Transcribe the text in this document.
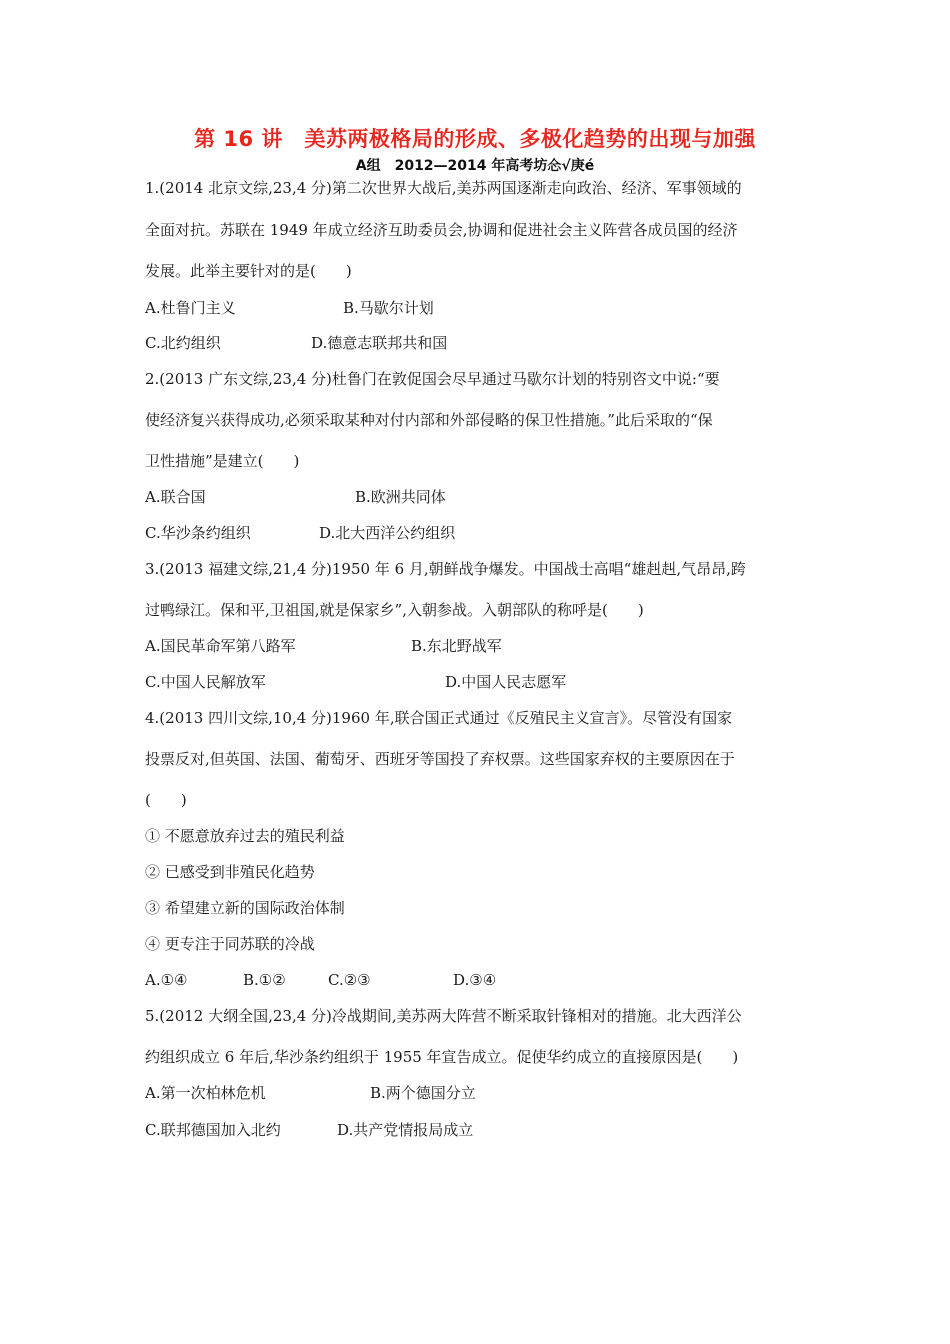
第 16 讲　美苏两极格局的形成、多极化趋势的出现与加强
A组　2012—2014 年高考坊𢗁√庚é
1.(2014 北京文综,23,4 分)第二次世界大战后,美苏两国逐渐走向政治、经济、军事领域的
全面对抗。苏联在 1949 年成立经济互助委员会,协调和促进社会主义阵营各成员国的经济
发展。此举主要针对的是(　　)
A.杜鲁门主义	B.马歇尔计划
C.北约组织	D.德意志联邦共和国
2.(2013 广东文综,23,4 分)杜鲁门在敦促国会尽早通过马歇尔计划的特别咨文中说:“要
使经济复兴获得成功,必须采取某种对付内部和外部侵略的保卫性措施。”此后采取的“保
卫性措施”是建立(　　)
A.联合国	B.欧洲共同体
C.华沙条约组织	D.北大西洋公约组织
3.(2013 福建文综,21,4 分)1950 年 6 月,朝鲜战争爆发。中国战士高唱“雄赳赳,气昂昂,跨
过鸭绿江。保和平,卫祖国,就是保家乡”,入朝参战。入朝部队的称呼是(　　)
A.国民革命军第八路军	B.东北野战军
C.中国人民解放军	D.中国人民志愿军
4.(2013 四川文综,10,4 分)1960 年,联合国正式通过《反殖民主义宣言》。尽管没有国家
投票反对,但英国、法国、葡萄牙、西班牙等国投了弃权票。这些国家弃权的主要原因在于
(　　)
① 不愿意放弃过去的殖民利益
② 已感受到非殖民化趋势
③ 希望建立新的国际政治体制
④ 更专注于同苏联的冷战
A.①④	B.①②	C.②③	D.③④
5.(2012 大纲全国,23,4 分)冷战期间,美苏两大阵营不断采取针锋相对的措施。北大西洋公
约组织成立 6 年后,华沙条约组织于 1955 年宣告成立。促使华约成立的直接原因是(　　)
A.第一次柏林危机	B.两个德国分立
C.联邦德国加入北约	D.共产党情报局成立
